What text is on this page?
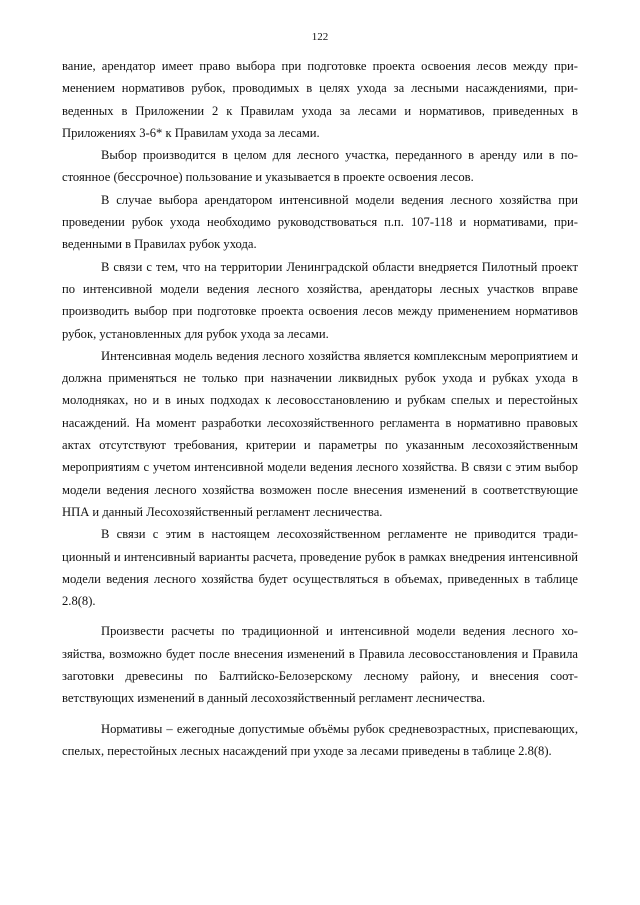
122

вание, арендатор имеет право выбора при подготовке проекта освоения лесов между применением нормативов рубок, проводимых в целях ухода за лесными насаждениями, приведенных в Приложении 2 к Правилам ухода за лесами и нормативов, приведенных в Приложениях 3-6* к Правилам ухода за лесами.

Выбор производится в целом для лесного участка, переданного в аренду или в постоянное (бессрочное) пользование и указывается в проекте освоения лесов.

В случае выбора арендатором интенсивной модели ведения лесного хозяйства при проведении рубок ухода необходимо руководствоваться п.п. 107-118 и нормативами, приведенными в Правилах рубок ухода.

В связи с тем, что на территории Ленинградской области внедряется Пилотный проект по интенсивной модели ведения лесного хозяйства, арендаторы лесных участков вправе производить выбор при подготовке проекта освоения лесов между применением нормативов рубок, установленных для рубок ухода за лесами.

Интенсивная модель ведения лесного хозяйства является комплексным мероприятием и должна применяться не только при назначении ликвидных рубок ухода и рубках ухода в молодняках, но и в иных подходах к лесовосстановлению и рубкам спелых и перестойных насаждений. На момент разработки лесохозяйственного регламента в нормативно правовых актах отсутствуют требования, критерии и параметры по указанным лесохозяйственным мероприятиям с учетом интенсивной модели ведения лесного хозяйства. В связи с этим выбор модели ведения лесного хозяйства возможен после внесения изменений в соответствующие НПА и данный Лесохозяйственный регламент лесничества.

В связи с этим в настоящем лесохозяйственном регламенте не приводится традиционный и интенсивный варианты расчета, проведение рубок в рамках внедрения интенсивной модели ведения лесного хозяйства будет осуществляться в объемах, приведенных в таблице 2.8(8).

Произвести расчеты по традиционной и интенсивной модели ведения лесного хозяйства, возможно будет после внесения изменений в Правила лесовосстановления и Правила заготовки древесины по Балтийско-Белозерскому лесному району, и внесения соответствующих изменений в данный лесохозяйственный регламент лесничества.

Нормативы – ежегодные допустимые объёмы рубок средневозрастных, приспевающих, спелых, перестойных лесных насаждений при уходе за лесами приведены в таблице 2.8(8).
